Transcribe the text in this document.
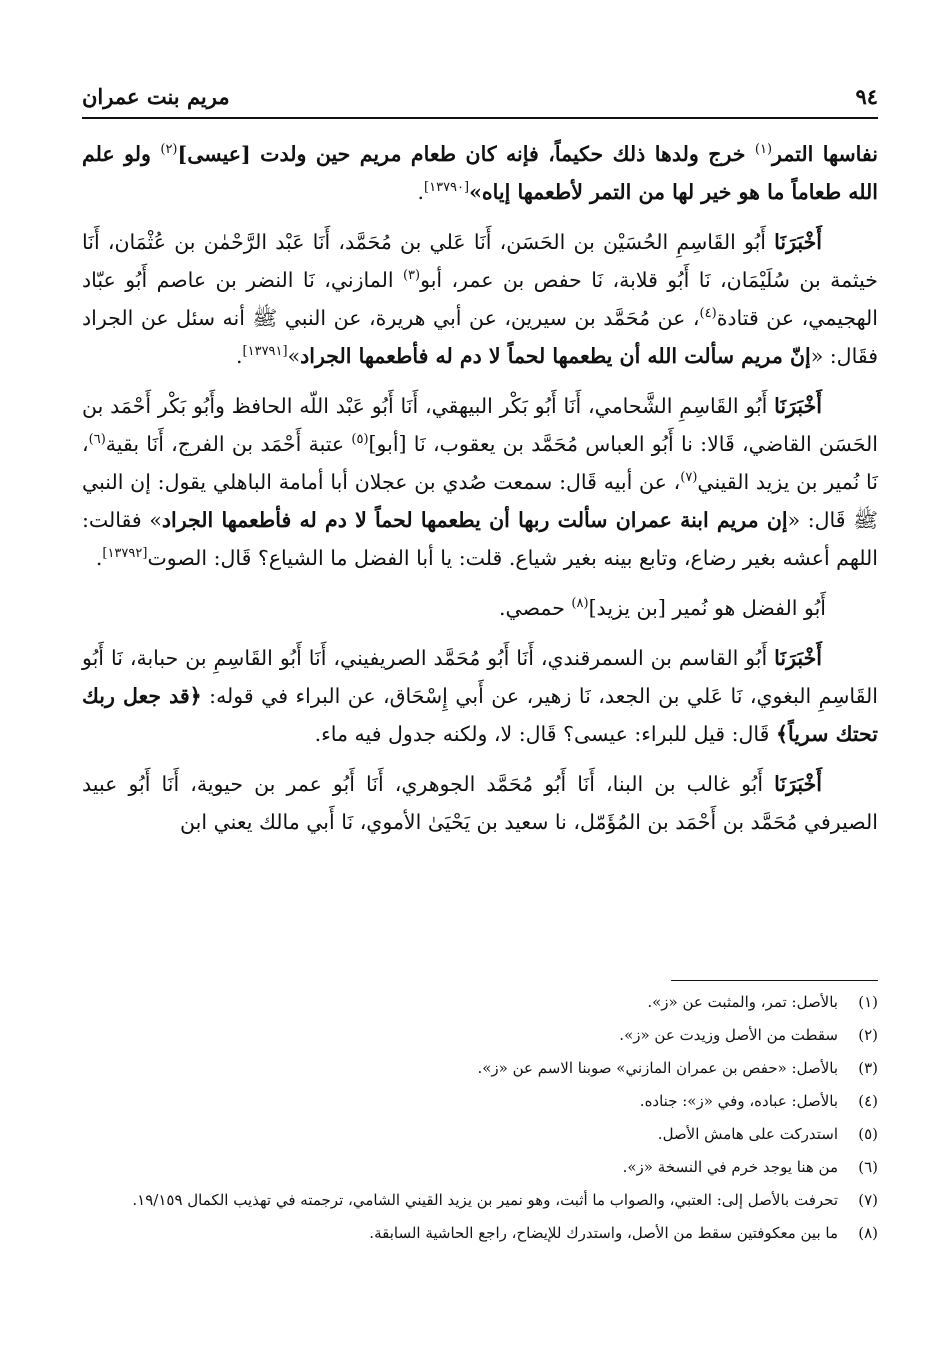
٩٤
مريم بنت عمران

نفاسها التمر$^{(١)}$ خرج ولدها ذلك حكيماً، فإنه كان طعام مريم حين ولدت [عيسى]$^{(٢)}$ ولو علم الله طعاماً ما هو خير لها من التمر لأطعمها إياه»[١٣٧٩٠].

أَخْبَرَنَا أَبُو القَاسِمِ الحُسَيْن بن الحَسَن، أَنَا عَلي بن مُحَمَّد، أَنَا عَبْد الرَّحْمٰن بن عُثْمَان، أَنَا خيثمة بن سُلَيْمَان، نَا أَبُو قلابة، نَا حفص بن عمر، أبو$^{(٣)}$ المازني، نَا النضر بن عاصم أَبُو عبّاد الهجيمي، عن قتادة$^{(٤)}$، عن مُحَمَّد بن سيرين، عن أبي هريرة، عن النبي ﷺ أنه سئل عن الجراد فقَال: «إنّ مريم سألت الله أن يطعمها لحماً لا دم له فأطعمها الجراد»[١٣٧٩١].

أَخْبَرَنَا أَبُو القَاسِمِ الشَّحامي، أَنَا أَبُو بَكْر البيهقي، أَنَا أَبُو عَبْد اللّه الحافظ وأَبُو بَكْر أَحْمَد بن الحَسَن القاضي، قَالا: نا أَبُو العباس مُحَمَّد بن يعقوب، نَا [أبو]$^{(٥)}$ عتبة أَحْمَد بن الفرج، أَنَا بقية$^{(٦)}$، نَا نُمير بن يزيد القيني$^{(٧)}$، عن أبيه قَال: سمعت صُدي بن عجلان أبا أمامة الباهلي يقول: إن النبي ﷺ قَال: «إن مريم ابنة عمران سألت ربها أن يطعمها لحماً لا دم له فأطعمها الجراد» فقالت: اللهم أعشه بغير رضاع، وتابع بينه بغير شياع. قلت: يا أبا الفضل ما الشياع؟ قَال: الصوت[١٣٧٩٢].

أَبُو الفضل هو نُمير [بن يزيد]$^{(٨)}$ حمصي.

أَخْبَرَنَا أَبُو القاسم بن السمرقندي، أَنَا أَبُو مُحَمَّد الصريفيني، أَنَا أَبُو القَاسِمِ بن حبابة، نَا أَبُو القَاسِمِ البغوي، نَا عَلي بن الجعد، نَا زهير، عن أَبي إِسْحَاق، عن البراء في قوله: ﴿قد جعل ربك تحتك سرياً﴾ قَال: قيل للبراء: عيسى؟ قَال: لا، ولكنه جدول فيه ماء.

أَخْبَرَنَا أَبُو غالب بن البنا، أَنَا أَبُو مُحَمَّد الجوهري، أَنَا أَبُو عمر بن حيوية، أَنَا أَبُو عبيد الصيرفي مُحَمَّد بن أَحْمَد بن المُؤَمّل، نا سعيد بن يَحْيَىٰ الأموي، نَا أَبي مالك يعني ابن

(١)
بالأصل: تمر، والمثبت عن «ز».
(٢)
سقطت من الأصل وزيدت عن «ز».
(٣)
بالأصل: «حفص بن عمران المازني» صوبنا الاسم عن «ز».
(٤)
بالأصل: عباده، وفي «ز»: جناده.
(٥)
استدركت على هامش الأصل.
(٦)
من هنا يوجد خرم في النسخة «ز».
(٧)
تحرفت بالأصل إلى: العتبي، والصواب ما أثبت، وهو نمير بن يزيد القيني الشامي، ترجمته في تهذيب الكمال ١٩/١٥٩.
(٨)
ما بين معكوفتين سقط من الأصل، واستدرك للإيضاح، راجع الحاشية السابقة.
